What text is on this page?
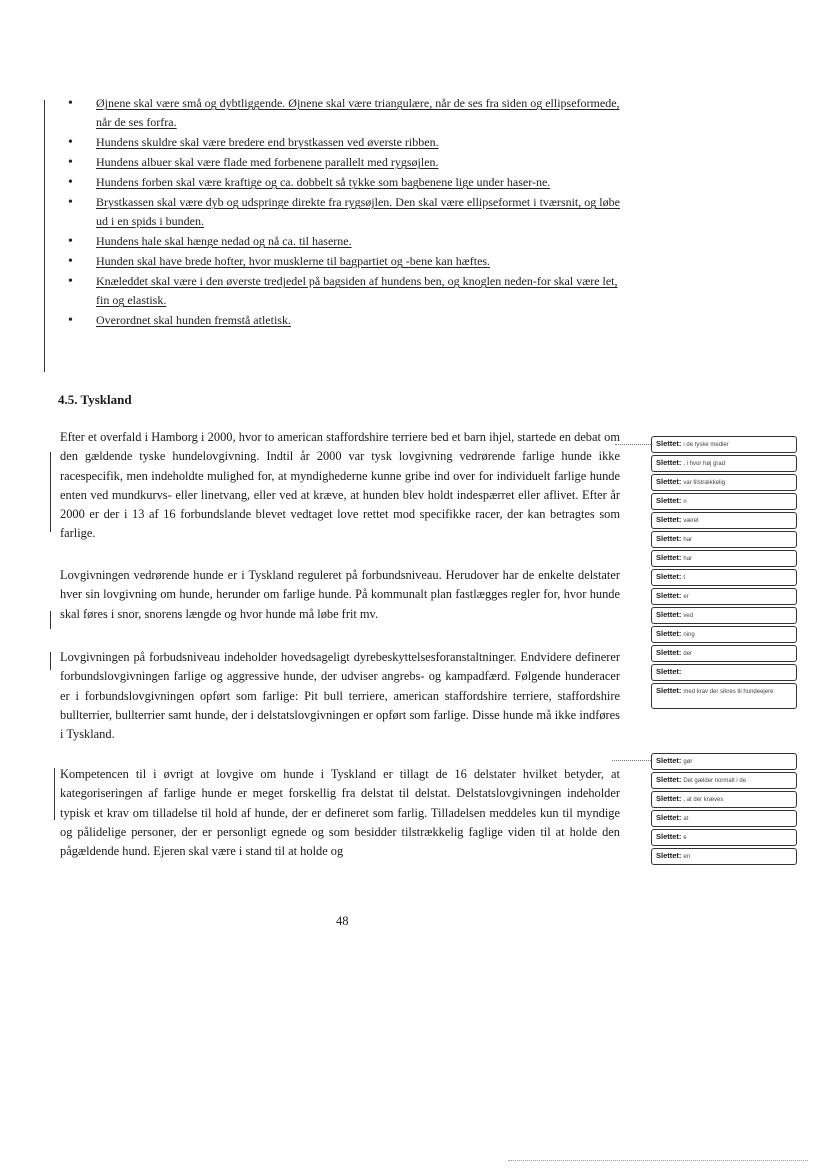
• Øjnene skal være små og dybtliggende. Øjnene skal være triangulære, når de ses fra siden og ellipseformede, når de ses forfra.
• Hundens skuldre skal være bredere end brystkassen ved øverste ribben.
• Hundens albuer skal være flade med forbenene parallelt med rygsøjlen.
• Hundens forben skal være kraftige og ca. dobbelt så tykke som bagbenene lige under haser-ne.
• Brystkassen skal være dyb og udspringe direkte fra rygsøjlen. Den skal være ellipseformet i tværsnit, og løbe ud i en spids i bunden.
• Hundens hale skal hænge nedad og nå ca. til haserne.
• Hunden skal have brede hofter, hvor musklerne til bagpartiet og -bene kan hæftes.
• Knæleddet skal være i den øverste tredjedel på bagsiden af hundens ben, og knoglen neden-for skal være let, fin og elastisk.
• Overordnet skal hunden fremstå atletisk.
4.5. Tyskland

Efter et overfald i Hamborg i 2000, hvor to american staffordshire terriere bed et barn ihjel, startede en debat om den gældende tyske hundelovgivning. Indtil år 2000 var tysk lovgivning vedrørende farlige hunde ikke racespecifik, men indeholdte mulighed for, at myndighederne kunne gribe ind over for individuelt farlige hunde enten ved mundkurvs- eller linetvang, eller ved at kræve, at hunden blev holdt indespærret eller aflivet. Efter år 2000 er der i 13 af 16 forbundslande blevet vedtaget love rettet mod specifikke racer, der kan betragtes som farlige.

Lovgivningen vedrørende hunde er i Tyskland reguleret på forbundsniveau. Herudover har de enkelte delstater hver sin lovgivning om hunde, herunder om farlige hunde. På kommunalt plan fastlægges regler for, hvor hunde skal føres i snor, snorens længde og hvor hunde må løbe frit mv.

Lovgivningen på forbudsniveau indeholder hovedsageligt dyrebeskyttelsesforanstaltninger. Endvidere definerer forbundslovgivningen farlige og aggressive hunde, der udviser angrebs- og kampadfærd. Følgende hunderacer er i forbundslovgivningen opført som farlige: Pit bull terriere, american staffordshire terriere, staffordshire bullterrier, bullterrier samt hunde, der i delstatslovgivningen er opført som farlige. Disse hunde må ikke indføres i Tyskland.

Kompetencen til i øvrigt at lovgive om hunde i Tyskland er tillagt de 16 delstater hvilket betyder, at kategoriseringen af farlige hunde er meget forskellig fra delstat til delstat. Delstatslovgivningen indeholder typisk et krav om tilladelse til hold af hunde, der er defineret som farlig. Tilladelsen meddeles kun til myndige og pålidelige personer, der er personligt egnede og som besidder tilstrækkelig faglige viden til at holde den pågældende hund. Ejeren skal være i stand til at holde og

48
Slettet: i de tyske medier
Slettet: , i hvor høj grad
Slettet: var tilstrækkelig
Slettet: n
Slettet: været
Slettet: har
Slettet: har
Slettet: t
Slettet: er
Slettet: ved
Slettet: ning
Slettet: der
Slettet:
Slettet: med krav der sikres til hundeejere
Slettet: gør
Slettet: Det gælder normalt i de
Slettet: , at der kræves
Slettet: at
Slettet: e
Slettet: en
